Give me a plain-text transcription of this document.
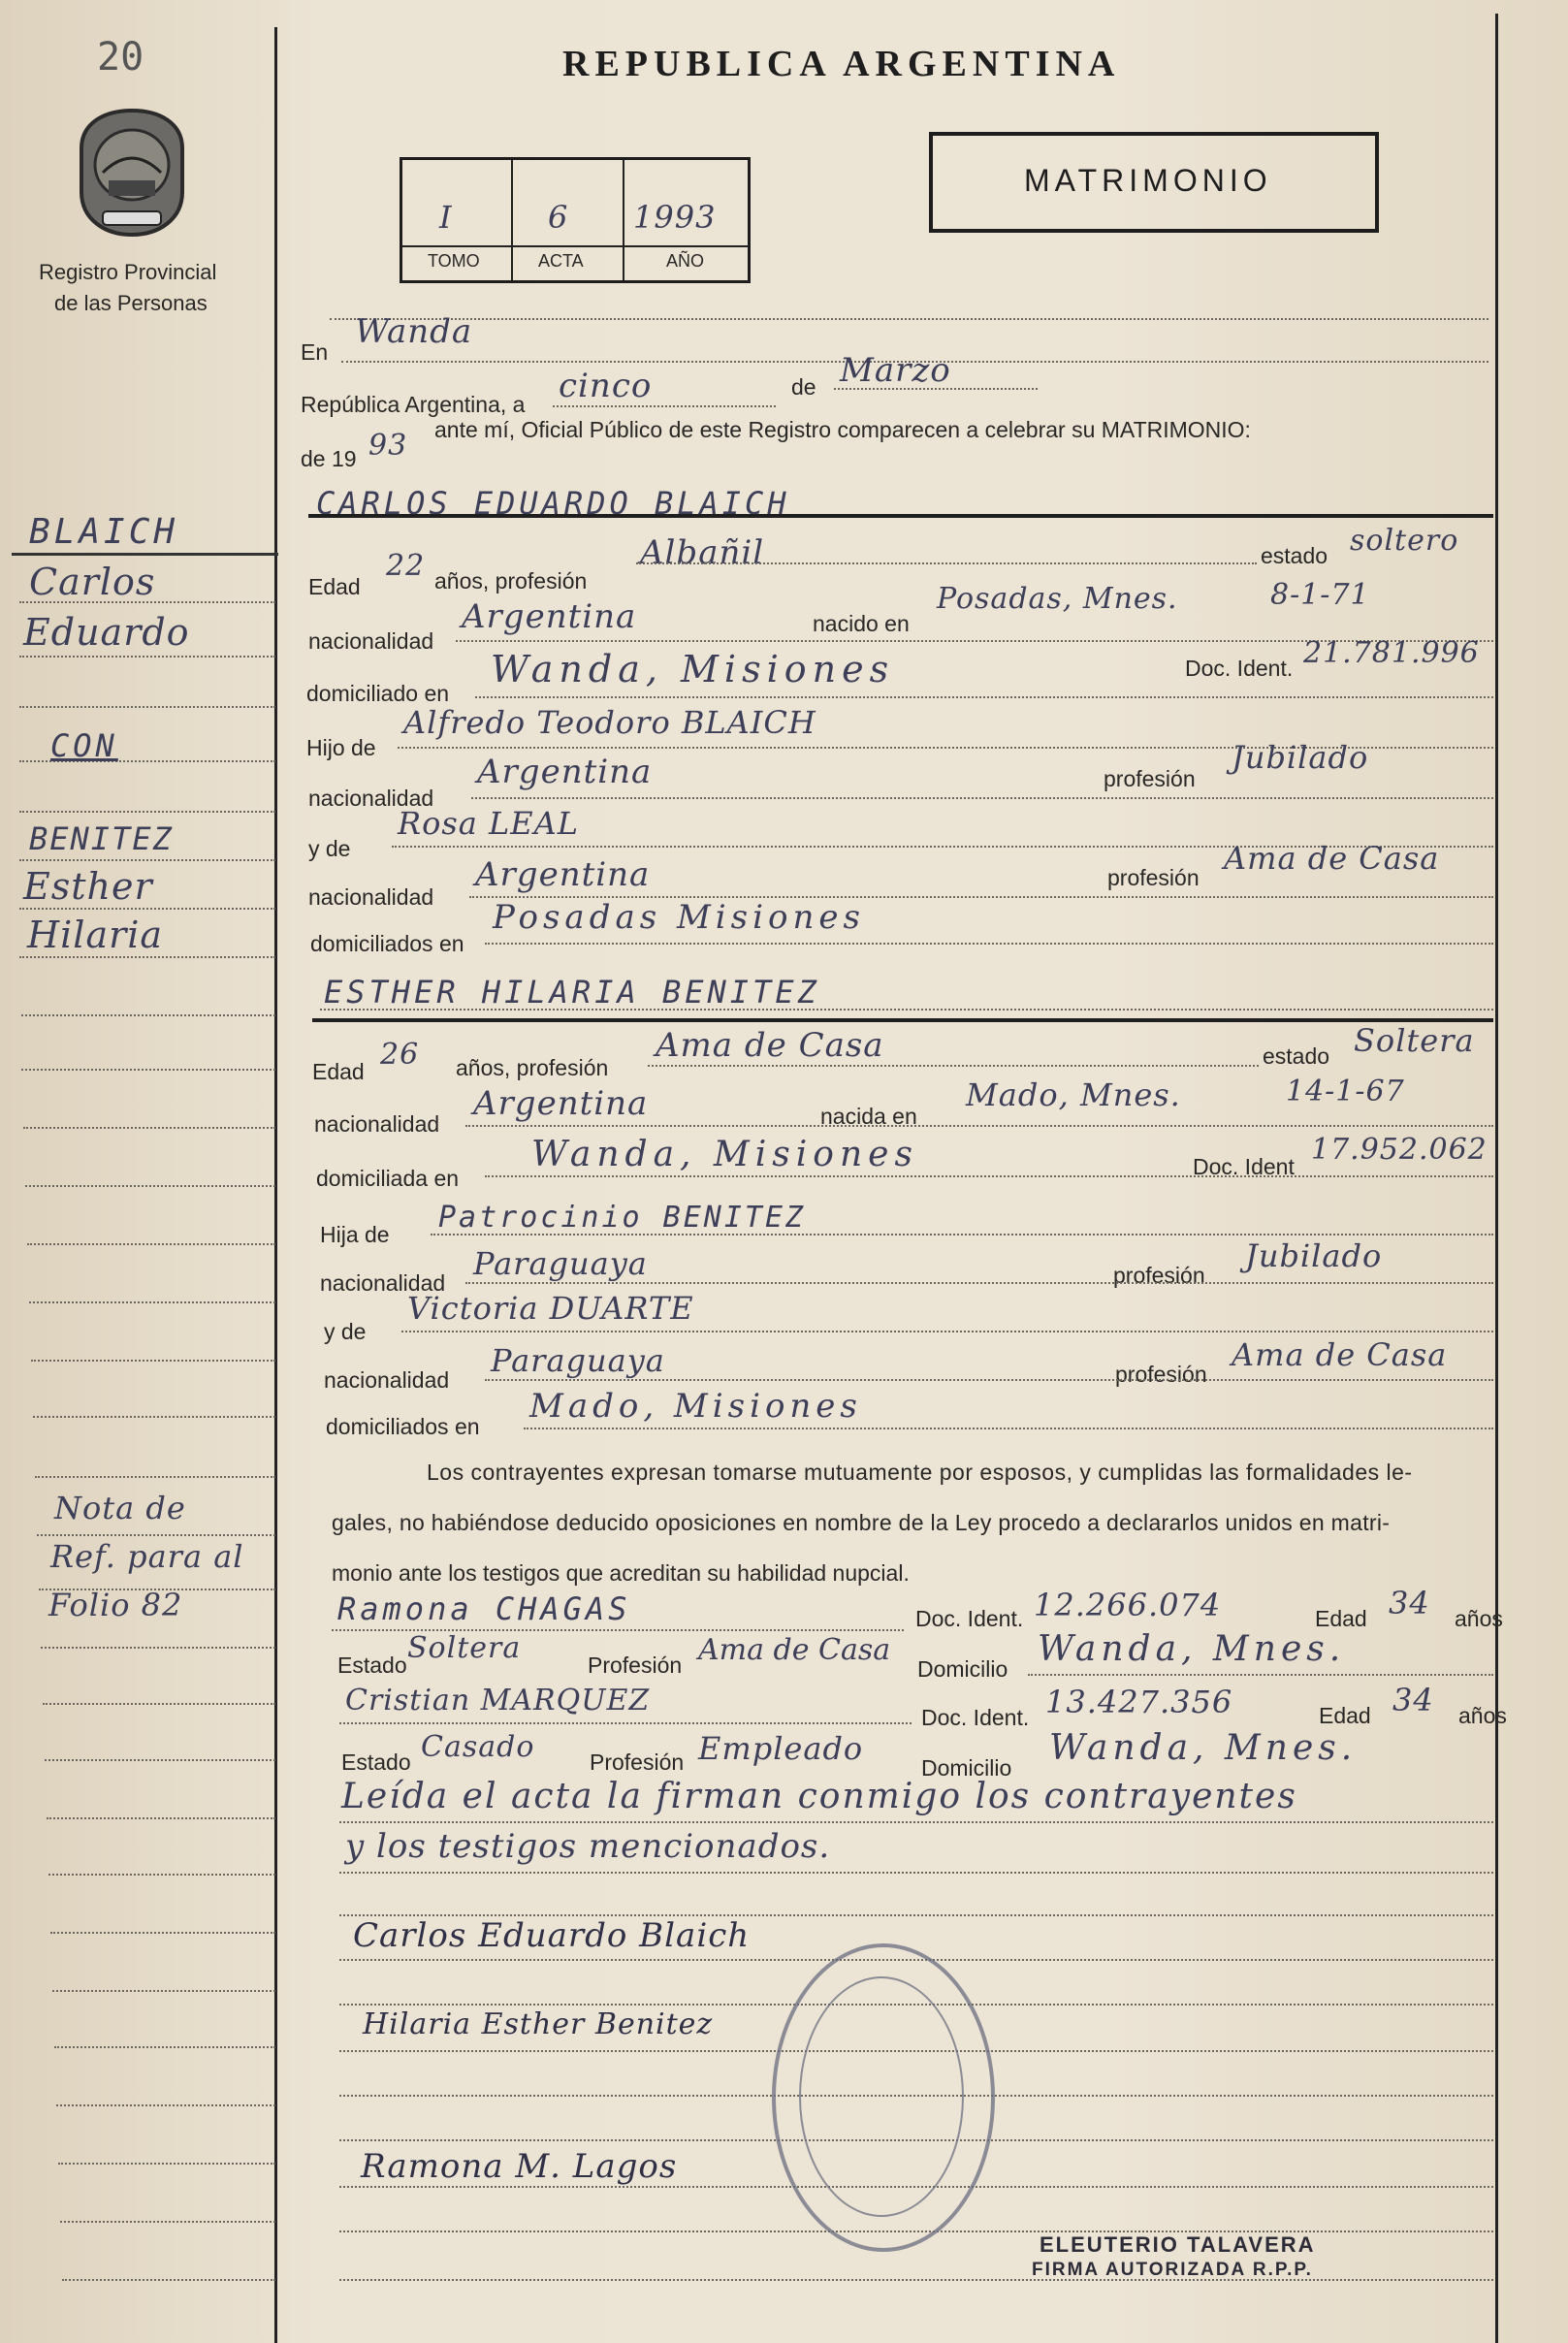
20
Registro Provincial
de las Personas
REPUBLICA ARGENTINA
I	6 1993
TOMO	ACTA	AÑO
MATRIMONIO
En
Wanda
República Argentina, a cinco	de Marzo
de 19 93 ante mí, Oficial Público de este Registro comparecen a celebrar su MATRIMONIO:
CARLOS EDUARDO BLAICH
Edad
22 años, profesión
Albañil	estado soltero
nacionalidad
Argentina	nacido en
Posadas, Mnes.	8-1-71
domiciliado en
Wanda, Misiones	Doc. Ident. 21.781.996
Hijo de
Alfredo Teodoro BLAICH
nacionalidad
Argentina	profesión
Jubilado
y de
Rosa LEAL
nacionalidad
Argentina	profesión
Ama de Casa
domiciliados en
Posadas Misiones
ESTHER HILARIA BENITEZ
Edad 26 años, profesión
Ama de Casa	estado Soltera
nacionalidad
Argentina	nacida en
Mado, Mnes.	14-1-67
domiciliada en
Wanda, Misiones	Doc. Ident 17.952.062
Hija de Patrocinio BENITEZ
nacionalidad
Paraguaya	profesión
Jubilado
y de
Victoria DUARTE
nacionalidad
Paraguaya	profesión
Ama de Casa
domiciliados en
Mado, Misiones
Los contrayentes expresan tomarse mutuamente por esposos, y cumplidas las formalidades le-
gales, no habiéndose deducido oposiciones en nombre de la Ley procedo a declararlos unidos en matri-
monio ante los testigos que acreditan su habilidad nupcial.
Ramona CHAGAS	Doc. Ident. 12.266.074	Edad 34 años
Estado Soltera	Profesión Ama de Casa
Domicilio Wanda, Mnes.
Cristian MARQUEZ	Doc. Ident. 13.427.356	Edad 34 años
Estado Casado Profesión Empleado
Domicilio Wanda, Mnes.
Leída el acta la firman conmigo los contrayentes
y los testigos mencionados.
Carlos Eduardo Blaich
Hilaria Esther Benitez
Ramona M. Lagos
ELEUTERIO TALAVERA
FIRMA AUTORIZADA R.P.P.
BLAICH
Carlos
Eduardo
CON
BENITEZ
Esther
Hilaria
Nota de
Ref. para al
Folio 82
